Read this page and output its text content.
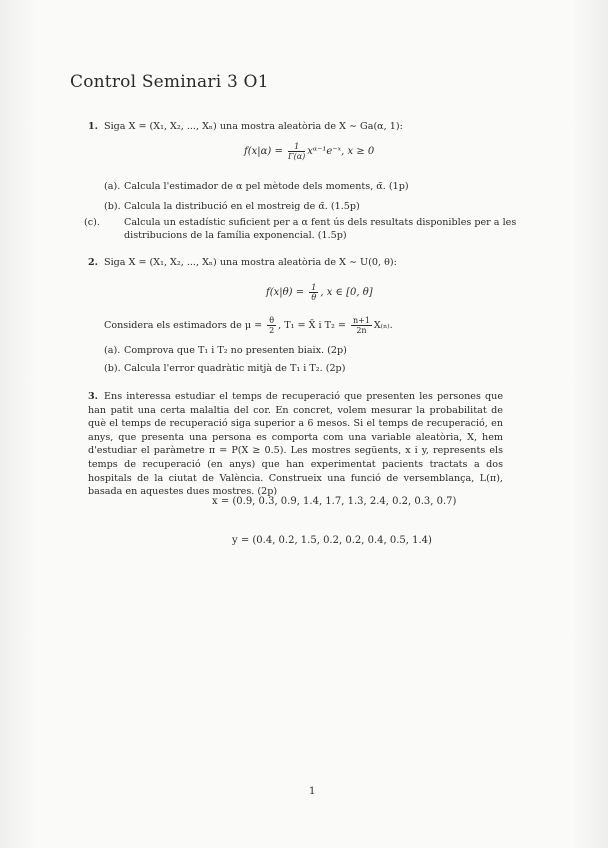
Control Seminari 3 O1
1. Siga X = (X₁, X₂, ..., Xₙ) una mostra aleatòria de X ∼ Ga(α, 1):
$f(x|\alpha) = \frac{1}{\Gamma(\alpha)}$ xᵅ⁻¹e⁻ˣ, x ≥ 0
(a). Calcula l'estimador de α pel mètode dels moments, α̃. (1p)
(b). Calcula la distribució en el mostreig de α̃. (1.5p)
(c).	Calcula un estadístic suficient per a α fent ús dels resultats disponibles per a les distribucions de la família exponencial. (1.5p)
2. Siga X = (X₁, X₂, ..., Xₙ) una mostra aleatòria de X ∼ U(0, θ):
$f(x|\theta) = \frac{1}{\theta}$ , x ∈ [0, θ]
Considera els estimadors de $\mu = \frac{\theta}{2}$ , T₁ = X̄ i $T_2 = \frac{n+1}{2n} X_{(n)}$.
(a). Comprova que T₁ i T₂ no presenten biaix. (2p)
(b). Calcula l'error quadràtic mitjà de T₁ i T₂. (2p)
3. Ens interessa estudiar el temps de recuperació que presenten les persones que han patit una certa malaltia del cor. En concret, volem mesurar la probabilitat de què el temps de recuperació siga superior a 6 mesos. Si el temps de recuperació, en anys, que presenta una persona es comporta com una variable aleatòria, X, hem d'estudiar el paràmetre π = P(X ≥ 0.5). Les mostres següents, x i y, represents els temps de recuperació (en anys) que han experimentat pacients tractats a dos hospitals de la ciutat de València. Construeix una funció de versemblança, L(π), basada en aquestes dues mostres. (2p)
x = (0.9, 0.3, 0.9, 1.4, 1.7, 1.3, 2.4, 0.2, 0.3, 0.7)
y = (0.4, 0.2, 1.5, 0.2, 0.2, 0.4, 0.5, 1.4)
1
